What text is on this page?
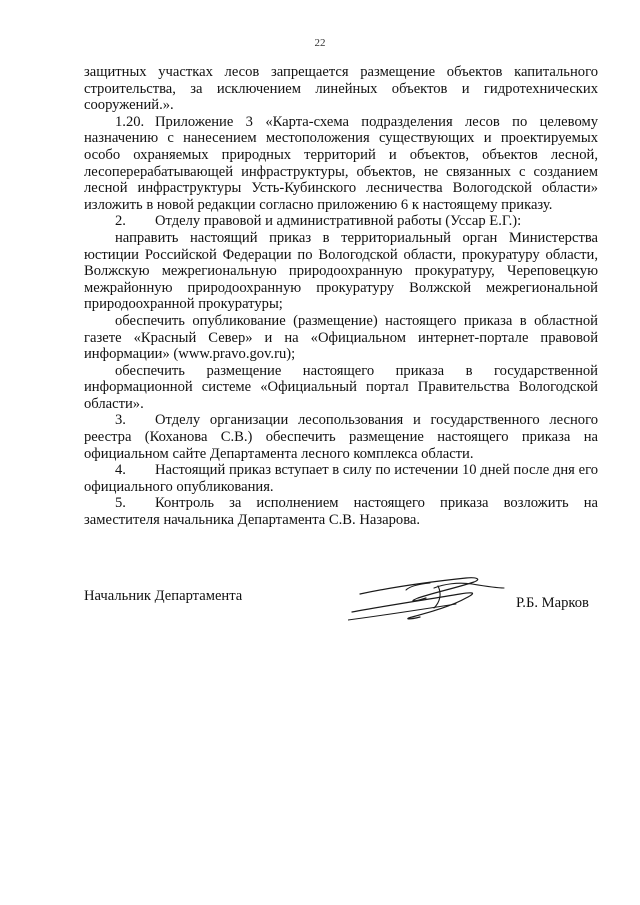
22

защитных участках лесов запрещается размещение объектов капитального строительства, за исключением линейных объектов и гидротехнических сооружений.».

1.20. Приложение 3 «Карта-схема подразделения лесов по целевому назначению с нанесением местоположения существующих и проектируемых особо охраняемых природных территорий и объектов, объектов лесной, лесоперерабатывающей инфраструктуры, объектов, не связанных с созданием лесной инфраструктуры Усть-Кубинского лесничества Вологодской области» изложить в новой редакции согласно приложению 6 к настоящему приказу.

2. Отделу правовой и административной работы (Уссар Е.Г.):

направить настоящий приказ в территориальный орган Министерства юстиции Российской Федерации по Вологодской области, прокуратуру области, Волжскую межрегиональную природоохранную прокуратуру, Череповецкую межрайонную природоохранную прокуратуру Волжской межрегиональной природоохранной прокуратуры;

обеспечить опубликование (размещение) настоящего приказа в областной газете «Красный Север» и на «Официальном интернет-портале правовой информации» (www.pravo.gov.ru);

обеспечить размещение настоящего приказа в государственной информационной системе «Официальный портал Правительства Вологодской области».

3. Отделу организации лесопользования и государственного лесного реестра (Коханова С.В.) обеспечить размещение настоящего приказа на официальном сайте Департамента лесного комплекса области.

4. Настоящий приказ вступает в силу по истечении 10 дней после дня его официального опубликования.

5. Контроль за исполнением настоящего приказа возложить на заместителя начальника Департамента С.В. Назарова.

Начальник Департамента	Р.Б. Марков
